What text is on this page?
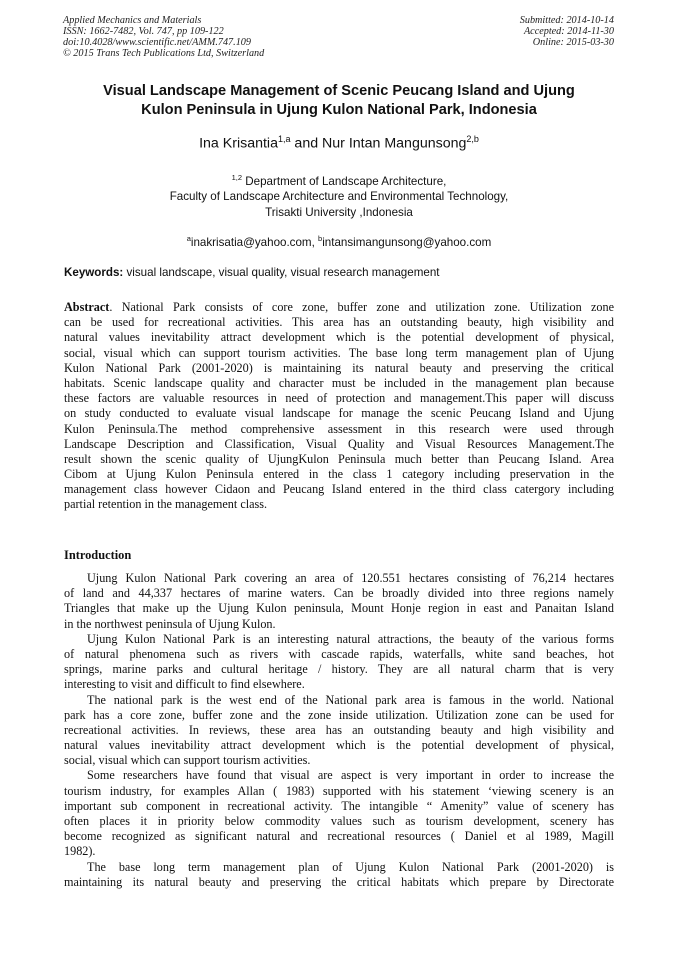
Applied Mechanics and Materials
ISSN: 1662-7482, Vol. 747, pp 109-122
doi:10.4028/www.scientific.net/AMM.747.109
© 2015 Trans Tech Publications Ltd, Switzerland
Submitted: 2014-10-14
Accepted: 2014-11-30
Online: 2015-03-30
Visual Landscape Management of Scenic Peucang Island and Ujung
Kulon Peninsula in Ujung Kulon National Park, Indonesia
Ina Krisantia$^{1,a}$ and Nur Intan Mangunsong$^{2,b}$
$^{1,2}$ Department of Landscape Architecture,
Faculty of Landscape Architecture and Environmental Technology,
Trisakti University ,Indonesia
$^a$inakrisatia@yahoo.com, $^b$intansimangunsong@yahoo.com
Keywords: visual landscape, visual quality, visual research management
Abstract. National Park consists of core zone, buffer zone and utilization zone. Utilization zone
can be used for recreational activities. This area has an outstanding beauty, high visibility and
natural values inevitability attract development which is the potential development of physical,
social, visual which can support tourism activities. The base long term management plan of Ujung
Kulon National Park (2001-2020) is maintaining its natural beauty and preserving the critical
habitats. Scenic landscape quality and character must be included in the management plan because
these factors are valuable resources in need of protection and management.This paper will discuss
on study conducted to evaluate visual landscape for manage the scenic Peucang Island and Ujung
Kulon Peninsula.The method comprehensive assessment in this research were used through
Landscape Description and Classification, Visual Quality and Visual Resources Management.The
result shown the scenic quality of UjungKulon Peninsula much better than Peucang Island. Area
Cibom at Ujung Kulon Peninsula entered in the class 1 category including preservation in the
management class however Cidaon and Peucang Island entered in the third class catergory including
partial retention in the management class.
Introduction
Ujung Kulon National Park covering an area of 120.551 hectares consisting of 76,214 hectares
of land and 44,337 hectares of marine waters. Can be broadly divided into three regions namely
Triangles that make up the Ujung Kulon peninsula, Mount Honje region in east and Panaitan Island
in the northwest peninsula of Ujung Kulon.
Ujung Kulon National Park is an interesting natural attractions, the beauty of the various forms
of natural phenomena such as rivers with cascade rapids, waterfalls, white sand beaches, hot
springs, marine parks and cultural heritage / history. They are all natural charm that is very
interesting to visit and difficult to find elsewhere.
The national park is the west end of the National park area is famous in the world. National
park has a core zone, buffer zone and the zone inside utilization. Utilization zone can be used for
recreational activities. In reviews, these area has an outstanding beauty and high visibility and
natural values inevitability attract development which is the potential development of physical,
social, visual which can support tourism activities.
Some researchers have found that visual are aspect is very important in order to increase the
tourism industry, for examples Allan ( 1983) supported with his statement ‘viewing scenery is an
important sub component in recreational activity. The intangible “ Amenity” value of scenery has
often places it in priority below commodity values such as tourism development, scenery has
become recognized as significant natural and recreational resources ( Daniel et al 1989, Magill
1982).
The base long term management plan of Ujung Kulon National Park (2001-2020) is
maintaining its natural beauty and preserving the critical habitats which prepare by Directorate
